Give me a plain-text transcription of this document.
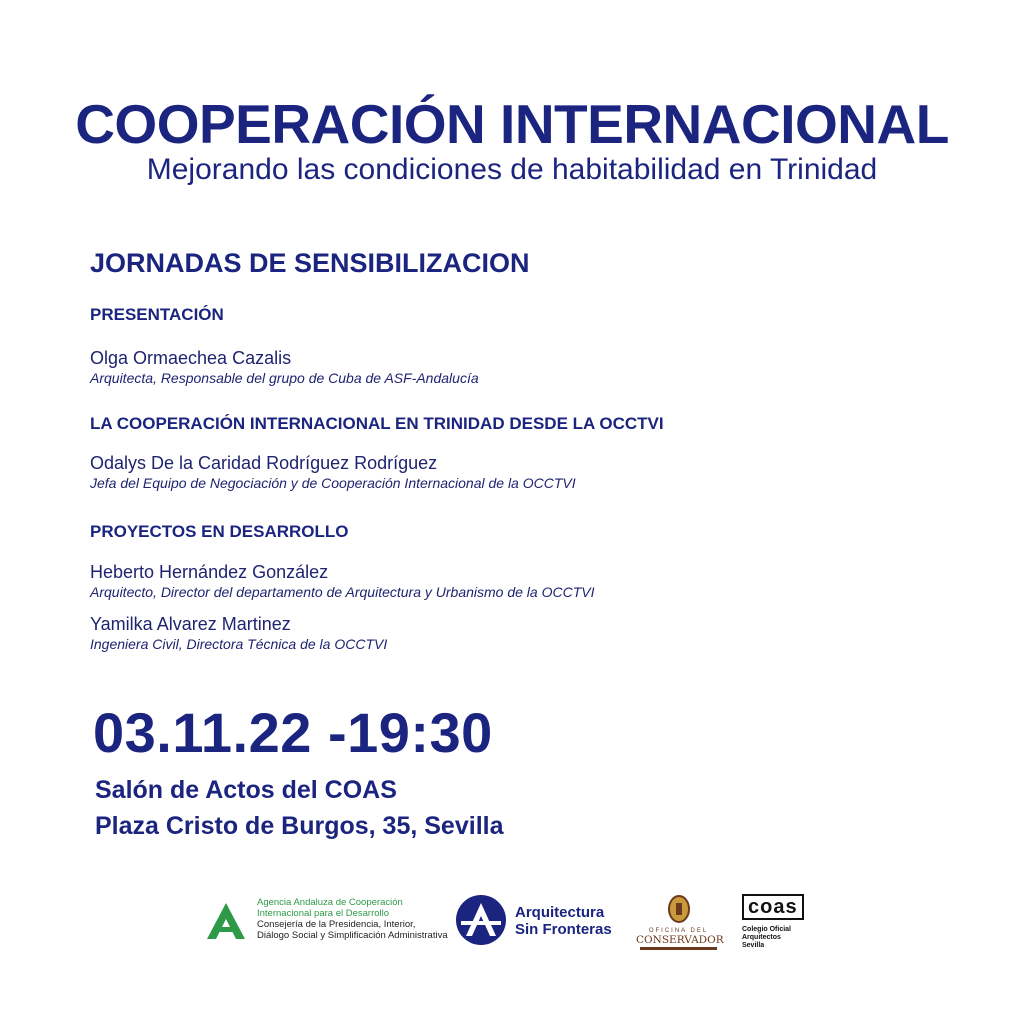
COOPERACIÓN INTERNACIONAL
Mejorando las condiciones de habitabilidad en Trinidad
JORNADAS DE SENSIBILIZACION
PRESENTACIÓN
Olga Ormaechea Cazalis
Arquitecta, Responsable del grupo de Cuba de ASF-Andalucía
LA COOPERACIÓN INTERNACIONAL EN TRINIDAD DESDE LA OCCTVI
Odalys De la Caridad Rodríguez Rodríguez
Jefa del Equipo de Negociación y de Cooperación Internacional de la OCCTVI
PROYECTOS EN DESARROLLO
Heberto Hernández González
Arquitecto, Director del departamento de Arquitectura y Urbanismo de la OCCTVI
Yamilka Alvarez Martinez
Ingeniera Civil, Directora Técnica de la OCCTVI
03.11.22 -19:30
Salón de Actos del COAS
Plaza Cristo de Burgos, 35, Sevilla
Agencia Andaluza de Cooperación
Internacional para el Desarrollo
Consejería de la Presidencia, Interior,
Diálogo Social y Simplificación Administrativa
Arquitectura
Sin Fronteras	OFICINA DEL
CONSERVADOR
coas
Colegio Oficial
Arquitectos
Sevilla
